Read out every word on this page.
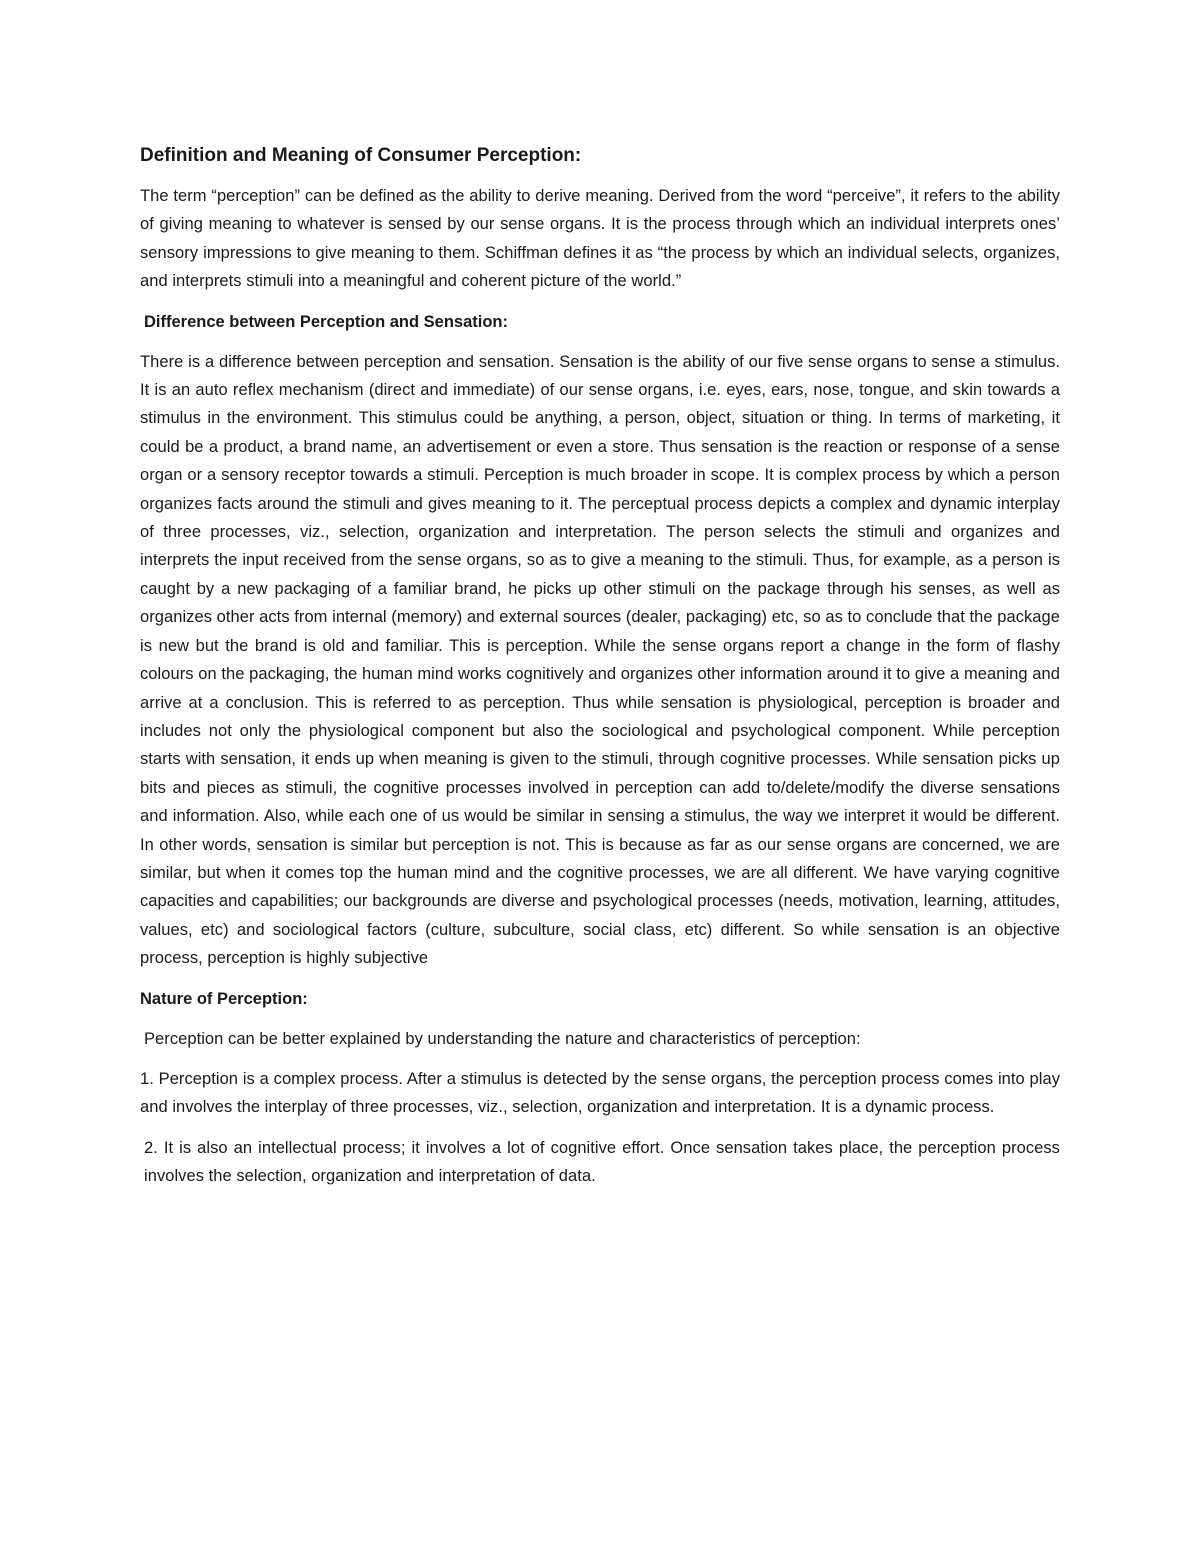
Definition and Meaning of Consumer Perception:

The term “perception” can be defined as the ability to derive meaning. Derived from the word “perceive”, it refers to the ability of giving meaning to whatever is sensed by our sense organs. It is the process through which an individual interprets ones’ sensory impressions to give meaning to them. Schiffman defines it as “the process by which an individual selects, organizes, and interprets stimuli into a meaningful and coherent picture of the world.”

Difference between Perception and Sensation:

There is a difference between perception and sensation. Sensation is the ability of our five sense organs to sense a stimulus. It is an auto reflex mechanism (direct and immediate) of our sense organs, i.e. eyes, ears, nose, tongue, and skin towards a stimulus in the environment. This stimulus could be anything, a person, object, situation or thing. In terms of marketing, it could be a product, a brand name, an advertisement or even a store. Thus sensation is the reaction or response of a sense organ or a sensory receptor towards a stimuli. Perception is much broader in scope. It is complex process by which a person organizes facts around the stimuli and gives meaning to it. The perceptual process depicts a complex and dynamic interplay of three processes, viz., selection, organization and interpretation. The person selects the stimuli and organizes and interprets the input received from the sense organs, so as to give a meaning to the stimuli. Thus, for example, as a person is caught by a new packaging of a familiar brand, he picks up other stimuli on the package through his senses, as well as organizes other acts from internal (memory) and external sources (dealer, packaging) etc, so as to conclude that the package is new but the brand is old and familiar. This is perception. While the sense organs report a change in the form of flashy colours on the packaging, the human mind works cognitively and organizes other information around it to give a meaning and arrive at a conclusion. This is referred to as perception. Thus while sensation is physiological, perception is broader and includes not only the physiological component but also the sociological and psychological component. While perception starts with sensation, it ends up when meaning is given to the stimuli, through cognitive processes. While sensation picks up bits and pieces as stimuli, the cognitive processes involved in perception can add to/delete/modify the diverse sensations and information. Also, while each one of us would be similar in sensing a stimulus, the way we interpret it would be different. In other words, sensation is similar but perception is not. This is because as far as our sense organs are concerned, we are similar, but when it comes top the human mind and the cognitive processes, we are all different. We have varying cognitive capacities and capabilities; our backgrounds are diverse and psychological processes (needs, motivation, learning, attitudes, values, etc) and sociological factors (culture, subculture, social class, etc) different. So while sensation is an objective process, perception is highly subjective

Nature of Perception:

Perception can be better explained by understanding the nature and characteristics of perception:

1. Perception is a complex process. After a stimulus is detected by the sense organs, the perception process comes into play and involves the interplay of three processes, viz., selection, organization and interpretation. It is a dynamic process.

2. It is also an intellectual process; it involves a lot of cognitive effort. Once sensation takes place, the perception process involves the selection, organization and interpretation of data.
